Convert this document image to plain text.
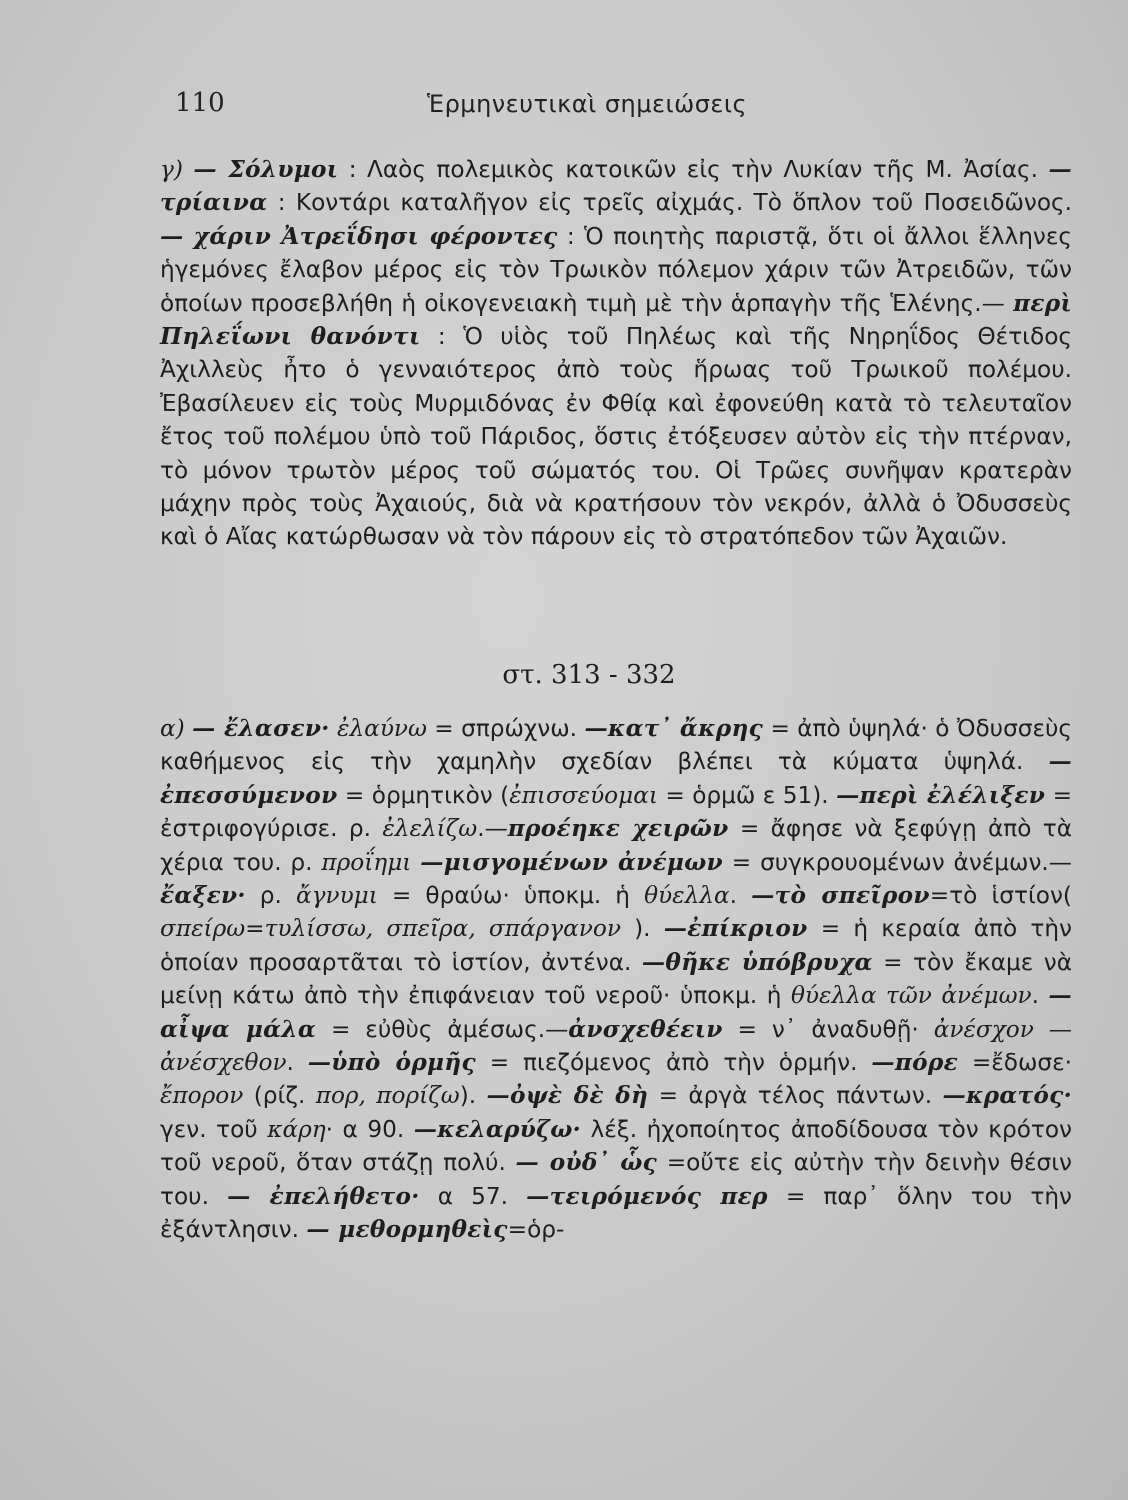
110	Ἑρμηνευτικαὶ σημειώσεις
γ) — Σόλυμοι : Λαὸς πολεμικὸς κατοικῶν εἰς τὴν Λυκίαν τῆς Μ. Ἀσίας. — τρίαινα : Κοντάρι καταλῆγον εἰς τρεῖς αἰχμάς. Τὸ ὅπλον τοῦ Ποσειδῶνος. — χάριν Ἀτρεΐδησι φέροντες : Ὁ ποιητὴς παριστᾷ, ὅτι οἱ ἄλλοι ἕλληνες ἡγεμόνες ἔλαβον μέρος εἰς τὸν Τρωικὸν πόλεμον χάριν τῶν Ἀτρειδῶν, τῶν ὁποίων προσεβλήθη ἡ οἰκογενειακὴ τιμὴ μὲ τὴν ἁρπαγὴν τῆς Ἑλένης.— περὶ Πηλεΐωνι θανόντι : Ὁ υἱὸς τοῦ Πηλέως καὶ τῆς Νηρηΐδος Θέτιδος Ἀχιλλεὺς ἦτο ὁ γενναιότερος ἀπὸ τοὺς ἥρωας τοῦ Τρωικοῦ πολέμου. Ἐβασίλευεν εἰς τοὺς Μυρμιδόνας ἐν Φθίᾳ καὶ ἐφονεύθη κατὰ τὸ τελευταῖον ἔτος τοῦ πολέμου ὑπὸ τοῦ Πάριδος, ὅστις ἐτόξευσεν αὐτὸν εἰς τὴν πτέρναν, τὸ μόνον τρωτὸν μέρος τοῦ σώματός του. Οἱ Τρῶες συνῆψαν κρατερὰν μάχην πρὸς τοὺς Ἀχαιούς, διὰ νὰ κρατήσουν τὸν νεκρόν, ἀλλὰ ὁ Ὀδυσσεὺς καὶ ὁ Αἴας κατώρθωσαν νὰ τὸν πάρουν εἰς τὸ στρατόπεδον τῶν Ἀχαιῶν.
στ. 313 - 332
α) — ἔλασεν· ἐλαύνω = σπρώχνω. —κατ᾽ ἄκρης = ἀπὸ ὑψηλά· ὁ Ὀδυσσεὺς καθήμενος εἰς τὴν χαμηλὴν σχεδίαν βλέπει τὰ κύματα ὑψηλά. — ἐπεσσύμενον = ὁρμητικὸν (ἐπισσεύομαι = ὁρμῶ ε 51). —περὶ ἐλέλιξεν = ἐστριφογύρισε. ρ. ἐλελίζω.—προέηκε χειρῶν = ἄφησε νὰ ξεφύγῃ ἀπὸ τὰ χέρια του. ρ. προΐημι —μισγομένων ἀνέμων = συγκρουομένων ἀνέμων.—ἔαξεν· ρ. ἄγνυμι = θραύω· ὑποκμ. ἡ θύελλα. —τὸ σπεῖρον=τὸ ἱστίον( σπείρω=τυλίσσω, σπεῖρα, σπάργανον ). —ἐπίκριον = ἡ κεραία ἀπὸ τὴν ὁποίαν προσαρτᾶται τὸ ἱστίον, ἀντένα. —θῆκε ὑπόβρυχα = τὸν ἔκαμε νὰ μείνῃ κάτω ἀπὸ τὴν ἐπιφάνειαν τοῦ νεροῦ· ὑποκμ. ἡ θύελλα τῶν ἀνέμων. —αἶψα μάλα = εὐθὺς ἀμέσως.—ἀνσχεθέειν = ν᾽ ἀναδυθῇ· ἀνέσχον — ἀνέσχεθον. —ὑπὸ ὁρμῆς = πιεζόμενος ἀπὸ τὴν ὁρμήν. —πόρε =ἔδωσε· ἔπορον (ρίζ. πορ, πορίζω). —ὀψὲ δὲ δὴ = ἀργὰ τέλος πάντων. —κρατός· γεν. τοῦ κάρη· α 90. —κελαρύζω· λέξ. ἠχοποίητος ἀποδίδουσα τὸν κρότον τοῦ νεροῦ, ὅταν στάζῃ πολύ. — οὐδ᾽ ὧς =οὔτε εἰς αὐτὴν τὴν δεινὴν θέσιν του. — ἐπελήθετο· α 57. —τειρόμενός περ = παρ᾽ ὅλην του τὴν ἐξάντλησιν. — μεθορμηθεὶς=ὁρ-
